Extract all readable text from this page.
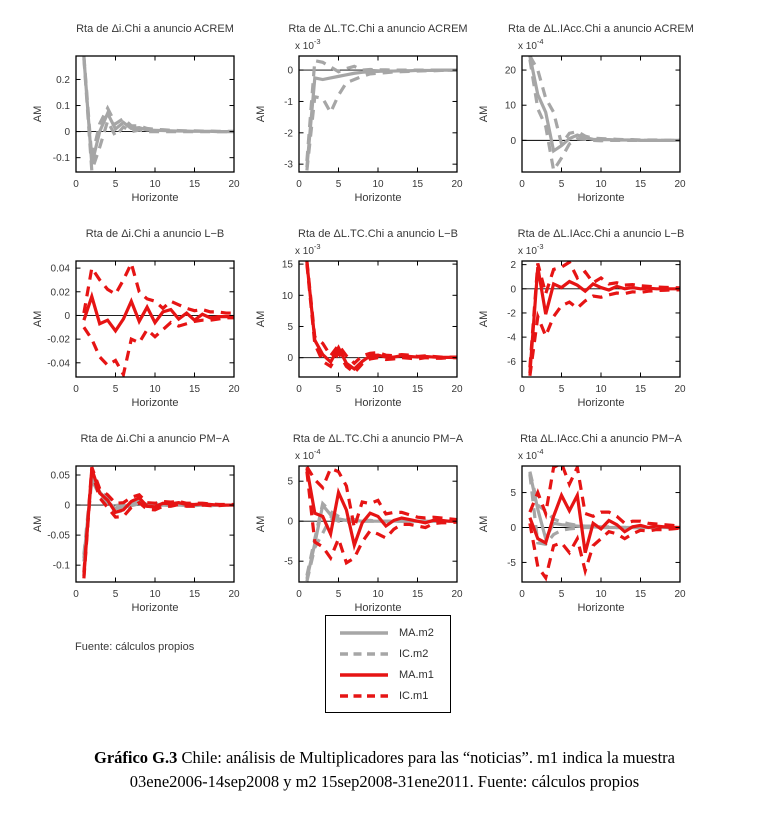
Rta de Δi.Chi a anuncio ACREM
0.2
0.1
0
-0.1
0	5	10	15	20
Horizonte
AM
Rta de ΔL.TC.Chi a anuncio ACREM
x $10^{-3}$
0
-1
-2
-3
0	5	10	15	20
Horizonte
AM
Rta de ΔL.IAcc.Chi a anuncio ACREM
x $10^{-4}$
20
10
0
0	5	10	15	20
Horizonte
AM
Rta de Δi.Chi a anuncio L−B
0.04
0.02
0
-0.02
-0.04
0	5	10	15	20
Horizonte
AM
Rta de ΔL.TC.Chi a anuncio L−B
x $10^{-3}$
15
10
5
0
0	5	10	15	20
Horizonte
AM
Rta de ΔL.IAcc.Chi a anuncio L−B
x $10^{-3}$
2
0
-2
-4
-6
0	5	10	15	20
Horizonte
AM
Rta de Δi.Chi a anuncio PM−A
0.05
0
-0.05
-0.1
0	5	10	15	20
Horizonte
AM
Rta de ΔL.TC.Chi a anuncio PM−A
x $10^{-4}$
5
0
-5
0	5	10	15	20
Horizonte
AM
Rta ΔL.IAcc.Chi a anuncio PM−A
x $10^{-4}$
5
0
-5
0	5	10	15	20
Horizonte
AM
Fuente: cálculos propios
MA.m2
IC.m2
MA.m1
IC.m1
Gráfico G.3 Chile: análisis de Multiplicadores para las “noticias”. m1 indica la muestra
03ene2006-14sep2008 y m2 15sep2008-31ene2011. Fuente: cálculos propios
